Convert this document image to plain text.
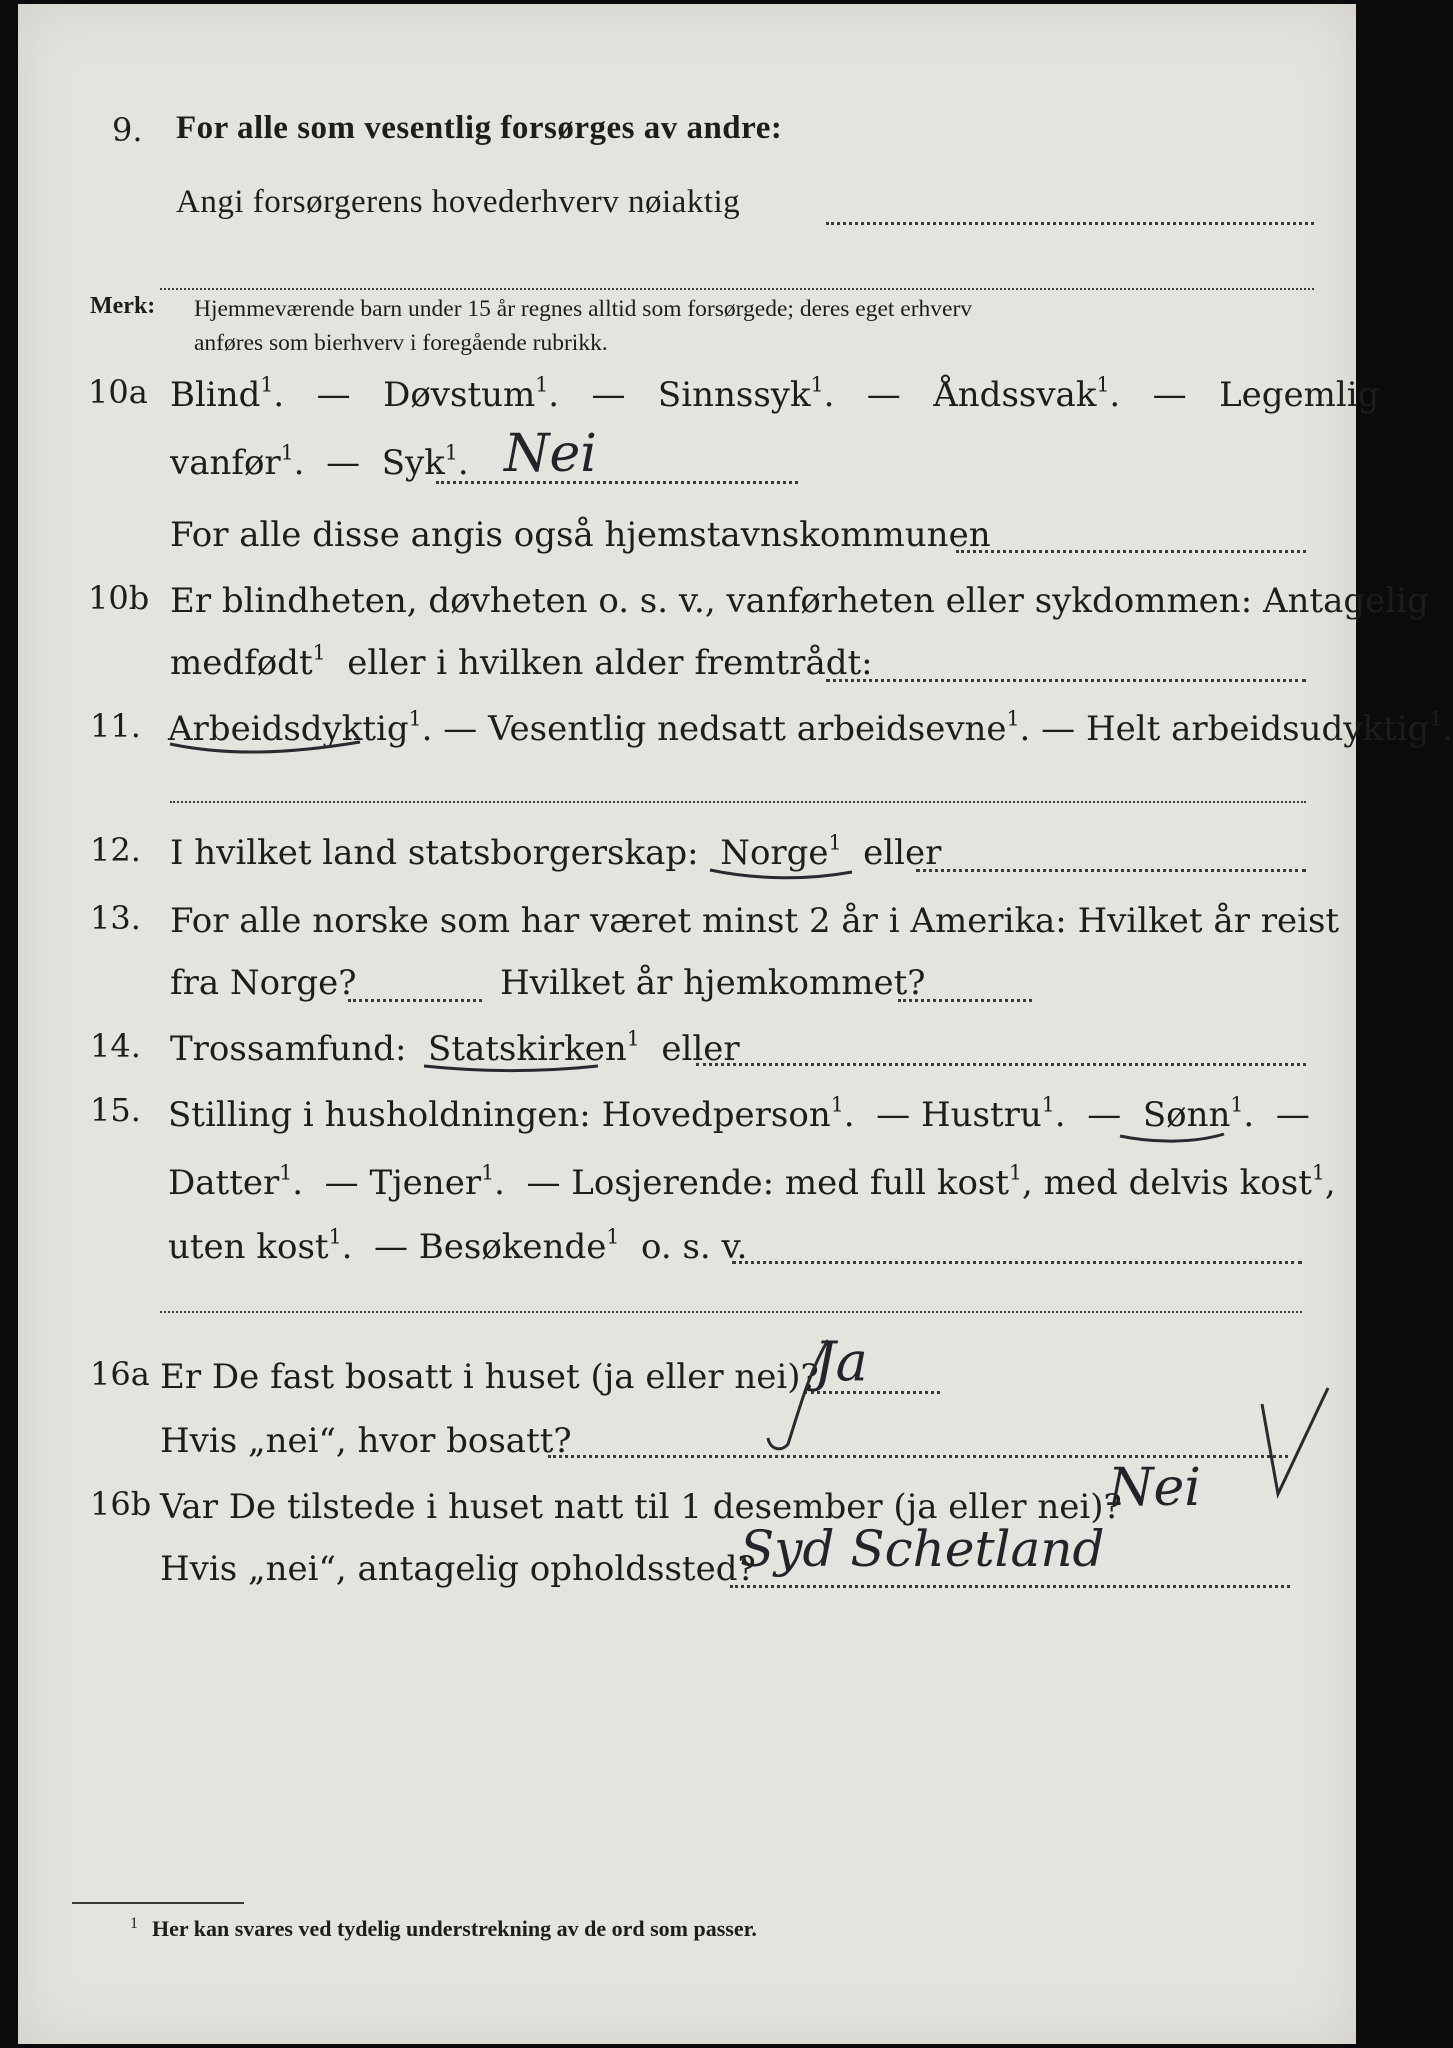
9. For alle som vesentlig forsørges av andre:
Angi forsørgerens hovederhverv nøiaktig
Merk: Hjemmeværende barn under 15 år regnes alltid som forsørgede; deres eget erhverv
anføres som bierhverv i foregående rubrikk.
10a Blind$^1$.   — Døvstum$^1$.   — Sinnssyk$^1$.   — Åndssvak$^1$.   — Legemlig
vanfør$^1$.  — Syk$^1$. Nei
For alle disse angis også hjemstavnskommunen
10b Er blindheten, døvheten o. s. v., vanførheten eller sykdommen: Antagelig
medfødt$^1$ eller i hvilken alder fremtrådt:
11. Arbeidsdyktig$^1$. — Vesentlig nedsatt arbeidsevne$^1$. — Helt arbeidsudyktig$^1$.
12. I hvilket land statsborgerskap: Norge$^1$ eller
13. For alle norske som har været minst 2 år i Amerika: Hvilket år reist
fra Norge?	Hvilket år hjemkommet?
14. Trossamfund: Statskirken$^1$ eller
15. Stilling i husholdningen: Hovedperson$^1$.  — Hustru$^1$.  — Sønn$^1$.  —
Datter$^1$.  — Tjener$^1$.  — Losjerende: med full kost$^1$, med delvis kost$^1$,
uten kost$^1$.  — Besøkende$^1$ o. s. v.
16a Er De fast bosatt i huset (ja eller nei)?
Ja
Hvis „nei“, hvor bosatt?
16b Var De tilstede i huset natt til 1 desember (ja eller nei)?
Nei
Hvis „nei“, antagelig opholdssted?
Syd Schetland
1 Her kan svares ved tydelig understrekning av de ord som passer.
